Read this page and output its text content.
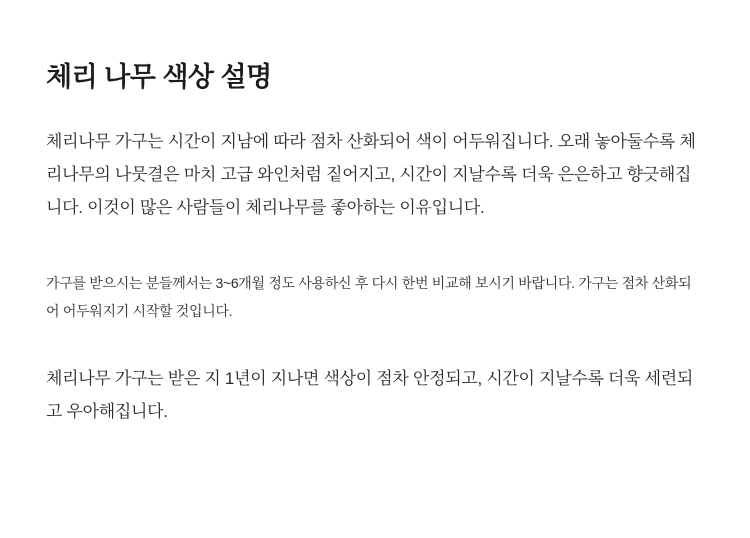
체리 나무 색상 설명

체리나무 가구는 시간이 지남에 따라 점차 산화되어 색이 어두워집니다. 오래 놓아둘수록 체리나무의 나뭇결은 마치 고급 와인처럼 짙어지고, 시간이 지날수록 더욱 은은하고 향긋해집니다. 이것이 많은 사람들이 체리나무를 좋아하는 이유입니다.

가구를 받으시는 분들께서는 3~6개월 정도 사용하신 후 다시 한번 비교해 보시기 바랍니다. 가구는 점차 산화되어 어두워지기 시작할 것입니다.

체리나무 가구는 받은 지 1년이 지나면 색상이 점차 안정되고, 시간이 지날수록 더욱 세련되고 우아해집니다.
